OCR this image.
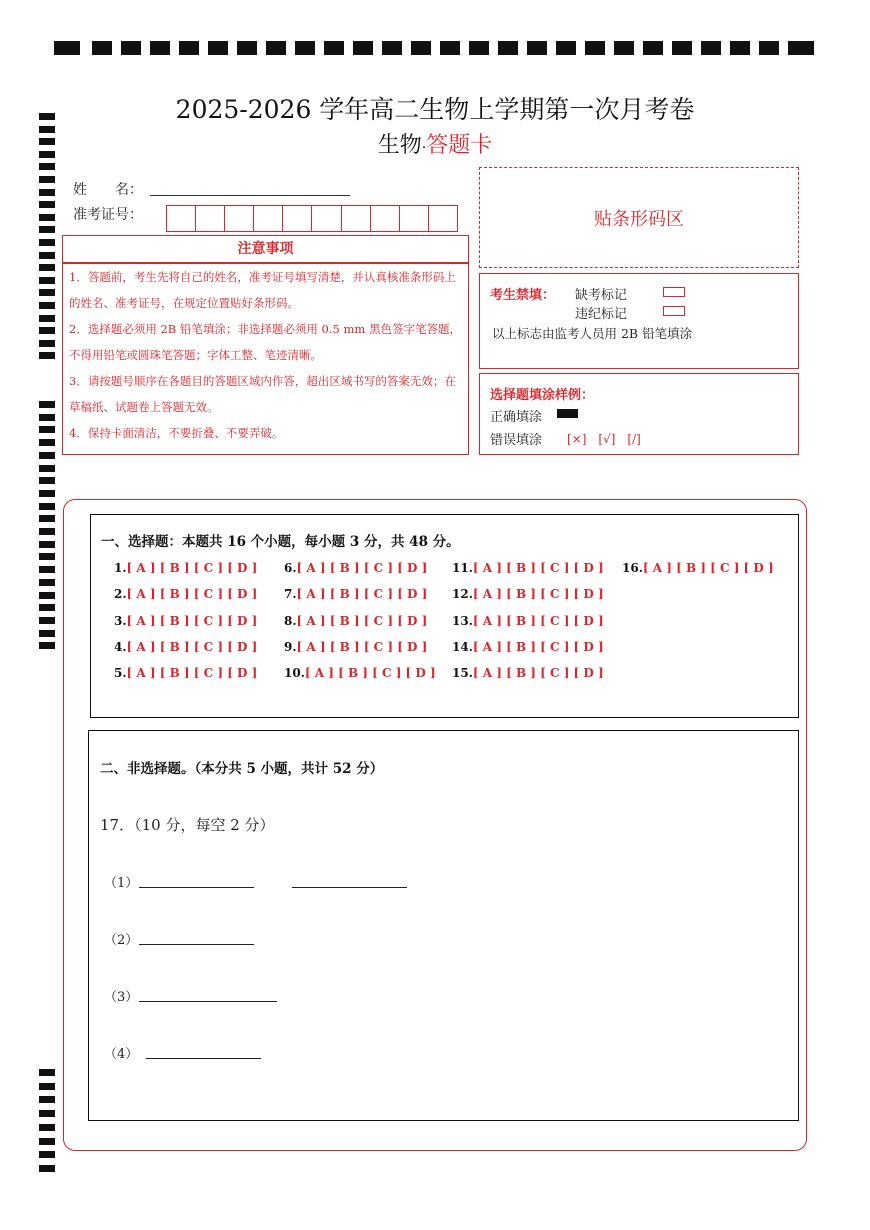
2025-2026 学年高二生物上学期第一次月考卷
生物·答题卡
姓　　名：
准考证号：	贴条形码区
注意事项
1．答题前，考生先将自己的姓名，准考证号填写清楚，并认真核准条形码上的姓名、准考证号，在规定位置贴好条形码。
2．选择题必须用 2B 铅笔填涂；非选择题必须用 0.5 mm 黑色签字笔答题，不得用铅笔或圆珠笔答题；字体工整、笔迹清晰。
3．请按题号顺序在各题目的答题区域内作答，超出区域书写的答案无效；在草稿纸、试题卷上答题无效。
4．保持卡面清洁，不要折叠、不要弄破。
考生禁填： 缺考标记
违纪标记
以上标志由监考人员用 2B 铅笔填涂
选择题填涂样例：
正确填涂
错误填涂 [×]　[√]　[/]
一、选择题：本题共 16 个小题，每小题 3 分，共 48 分。
1.[ A ] [ B ] [ C ] [ D ]
2.[ A ] [ B ] [ C ] [ D ]
3.[ A ] [ B ] [ C ] [ D ]
4.[ A ] [ B ] [ C ] [ D ]
5.[ A ] [ B ] [ C ] [ D ]
6.[ A ] [ B ] [ C ] [ D ]
7.[ A ] [ B ] [ C ] [ D ]
8.[ A ] [ B ] [ C ] [ D ]
9.[ A ] [ B ] [ C ] [ D ]
10.[ A ] [ B ] [ C ] [ D ]
11.[ A ] [ B ] [ C ] [ D ]
12.[ A ] [ B ] [ C ] [ D ]
13.[ A ] [ B ] [ C ] [ D ]
14.[ A ] [ B ] [ C ] [ D ]
15.[ A ] [ B ] [ C ] [ D ]
16.[ A ] [ B ] [ C ] [ D ]
二、非选择题。（本分共 5 小题，共计 52 分）
17．（10 分，每空 2 分）
（1）
（2）
（3）
（4）
